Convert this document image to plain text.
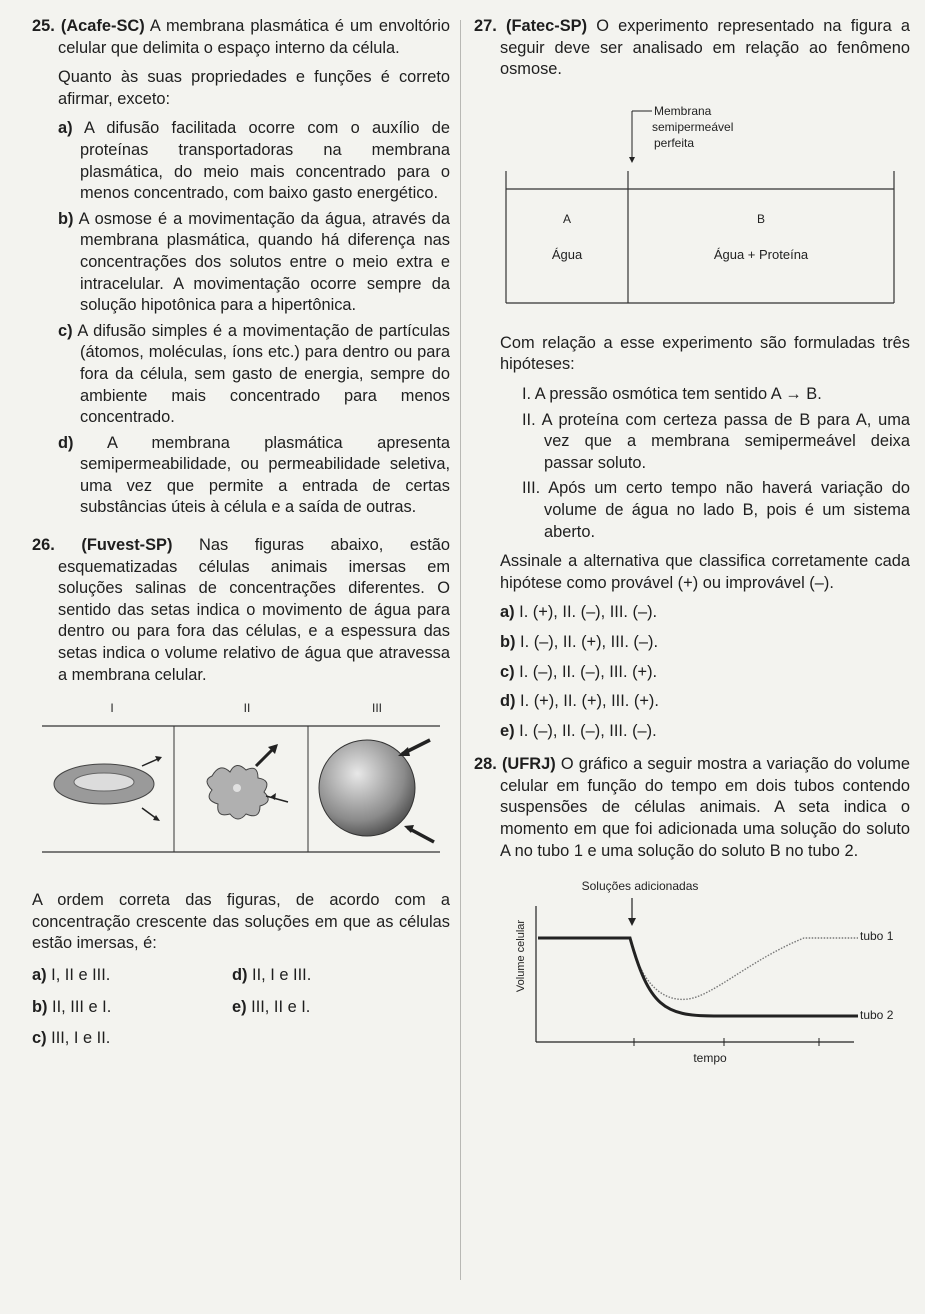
25. (Acafe-SC) A membrana plasmática é um envoltório celular que delimita o espaço interno da célula.

Quanto às suas propriedades e funções é correto afirmar, exceto:

a) A difusão facilitada ocorre com o auxílio de proteínas transportadoras na membrana plasmática, do meio mais concentrado para o menos concentrado, com baixo gasto energético.

b) A osmose é a movimentação da água, através da membrana plasmática, quando há diferença nas concentrações dos solutos entre o meio extra e intracelular. A movimentação ocorre sempre da solução hipotônica para a hipertônica.

c) A difusão simples é a movimentação de partículas (átomos, moléculas, íons etc.) para dentro ou para fora da célula, sem gasto de energia, sempre do ambiente mais concentrado para menos concentrado.

d) A membrana plasmática apresenta semipermeabilidade, ou permeabilidade seletiva, uma vez que permite a entrada de certas substâncias úteis à célula e a saída de outras.

26. (Fuvest-SP) Nas figuras abaixo, estão esquematizadas células animais imersas em soluções salinas de concentrações diferentes. O sentido das setas indica o movimento de água para dentro ou para fora das células, e a espessura das setas indica o volume relativo de água que atravessa a membrana celular.

I	II	III

A ordem correta das figuras, de acordo com a concentração crescente das soluções em que as células estão imersas, é:

a) I, II e III.	d) II, I e III.

b) II, III e I.	e) III, II e I.

c) III, I e II.

27. (Fatec-SP) O experimento representado na figura a seguir deve ser analisado em relação ao fenômeno osmose.

Membrana
semipermeável
perfeita
A	B
Água	Água + Proteína

Com relação a esse experimento são formuladas três hipóteses:

I. A pressão osmótica tem sentido A → B.

II. A proteína com certeza passa de B para A, uma vez que a membrana semipermeável deixa passar soluto.

III. Após um certo tempo não haverá variação do volume de água no lado B, pois é um sistema aberto.

Assinale a alternativa que classifica corretamente cada hipótese como provável (+) ou improvável (–).

a) I. (+), II. (–), III. (–).

b) I. (–), II. (+), III. (–).

c) I. (–), II. (–), III. (+).

d) I. (+), II. (+), III. (+).

e) I. (–), II. (–), III. (–).

28. (UFRJ) O gráfico a seguir mostra a variação do volume celular em função do tempo em dois tubos contendo suspensões de células animais. A seta indica o momento em que foi adicionada uma solução do soluto A no tubo 1 e uma solução do soluto B no tubo 2.

Soluções adicionadas
Volume celular
tempo
tubo 1
tubo 2
